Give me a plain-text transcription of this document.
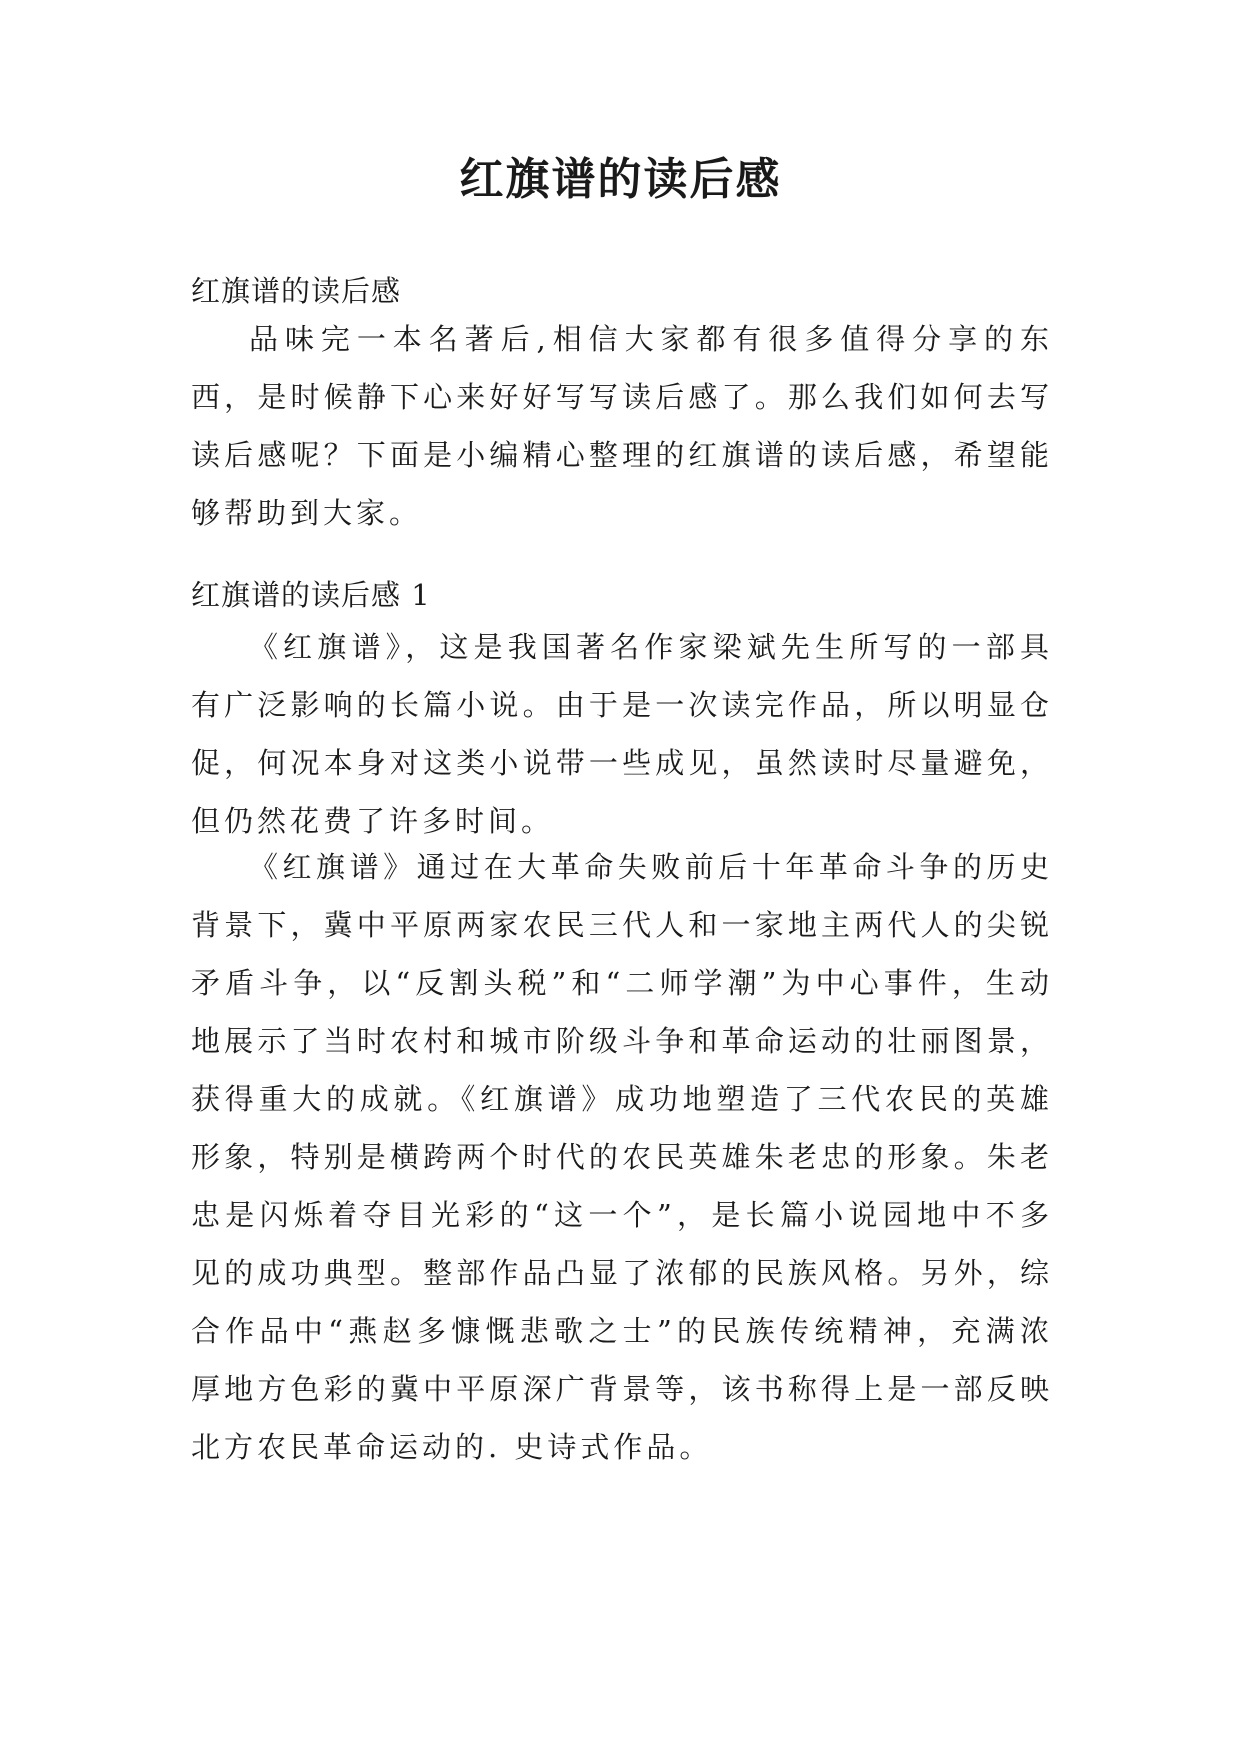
红旗谱的读后感

红旗谱的读后感

品味完一本名著后,相信大家都有很多值得分享的东西，是时候静下心来好好写写读后感了。那么我们如何去写读后感呢？下面是小编精心整理的红旗谱的读后感，希望能够帮助到大家。

红旗谱的读后感 1

《红旗谱》，这是我国著名作家梁斌先生所写的一部具有广泛影响的长篇小说。由于是一次读完作品，所以明显仓促，何况本身对这类小说带一些成见，虽然读时尽量避免，但仍然花费了许多时间。

《红旗谱》通过在大革命失败前后十年革命斗争的历史背景下，冀中平原两家农民三代人和一家地主两代人的尖锐矛盾斗争，以“反割头税”和“二师学潮”为中心事件，生动地展示了当时农村和城市阶级斗争和革命运动的壮丽图景，获得重大的成就。《红旗谱》成功地塑造了三代农民的英雄形象，特别是横跨两个时代的农民英雄朱老忠的形象。朱老忠是闪烁着夺目光彩的“这一个”，是长篇小说园地中不多见的成功典型。整部作品凸显了浓郁的民族风格。另外，综合作品中“燕赵多慷慨悲歌之士”的民族传统精神，充满浓厚地方色彩的冀中平原深广背景等，该书称得上是一部反映北方农民革命运动的. 史诗式作品。
